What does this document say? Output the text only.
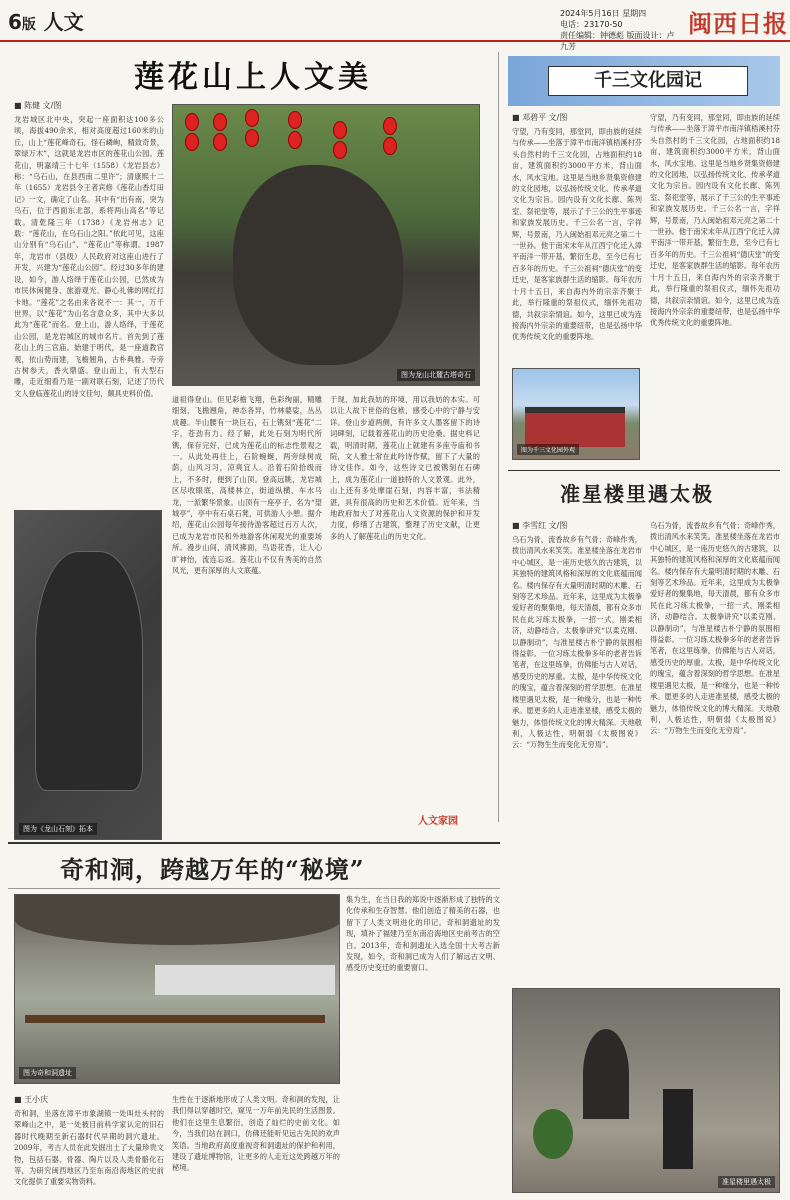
6版 人文	2024年5月16日 星期四
电话：23170-50
责任编辑：钟德彪 版面设计：卢九芳
闽西日报
莲花山上人文美
■ 陈健 文/图
龙岩城区北中央，突起一座面积达100多公顷，海拔490余米，相对高度超过160米的山丘，山上“莲花峰奇石，怪石嶙峋，精致奇景，翠绿万木”，这就是龙岩市区的莲花山公园。莲花山，明嘉靖三十七年（1558）《龙岩县志》称：“乌石山，在县西南二里许”；清康熙十二年（1655）龙岩县令王者宾修《莲花山香灯田记》一文，确定了山名。其中有“出有南，突为乌石，位于西面东北部，系将两山高名”等记载。清乾隆三年（1738）《龙岩州志》记载：“莲花山，在乌石山之阳。”依此可见，这座山分别有“乌石山”、“莲花山”等称谓。1987年，龙岩市（县级）人民政府对这座山进行了开发，兴建为“莲花山公园”。经过30多年的建设，如今，游人络绎于莲花山公园，已然成为市民休闲健身、旅游观光、静心礼佛的网红打卡地。“莲花”之名由来各说不一：其一，万千世界，以“莲花”为山名含意众多，其中大多以此为“莲花”而名。登上山，游人络绎，于莲花山公园，是龙岩城区的城市名片。首先到了莲花山上的三官庙。始建于明代，是一座道教宫观，依山势而建，飞檐翘角，古朴典雅。寺旁古树参天，香火鼎盛。登山而上，有大型石雕，走近细看乃是一副对联石刻，记述了历代文人登临莲花山的诗文佳句，颇具史料价值。
图为龙山北麓古塔奇石
道祖得登山。但见彩檐飞翔，色彩绚丽，精雕细刻，飞檐翘角，神态各异，竹林婆娑，丛丛成趣。半山腰有一块巨石，石上镌刻“莲花”二字，苍劲有力。经了解，此处石刻为明代所镌，保存完好，已成为莲花山的标志性景观之一。从此处再往上，石阶蜿蜒，两旁绿树成荫，山风习习，凉爽宜人。沿着石阶拾级而上，不多时，便到了山顶。登高远眺，龙岩城区尽收眼底，高楼林立，街道纵横，车水马龙，一派繁华景象。山顶有一座亭子，名为“望城亭”，亭中有石桌石凳，可供游人小憩。据介绍，莲花山公园每年接待游客超过百万人次，已成为龙岩市民和外地游客休闲观光的重要场所。漫步山间，清风拂面，鸟语花香，让人心旷神怡，流连忘返。莲花山不仅有秀美的自然风光，更有深厚的人文底蕴。
于现，加此我妨的环境，用以我妨的本实。可以让人故下世俗的包袱，感受心中的宁静与安详。登山步道两侧，有许多文人墨客留下的诗词碑刻，记载着莲花山的历史沧桑。据史料记载，明清时期，莲花山上就建有多座寺庙和书院，文人雅士常在此吟诗作赋，留下了大量的诗文佳作。如今，这些诗文已被镌刻在石碑上，成为莲花山一道独特的人文景观。此外，山上还有多处摩崖石刻，内容丰富，书法精湛，具有很高的历史和艺术价值。近年来，当地政府加大了对莲花山人文资源的保护和开发力度，修缮了古建筑，整理了历史文献，让更多的人了解莲花山的历史文化。
图为《龙山石刻》拓本
人文家园
千三文化园记
■ 邓碧平 文/图
守望，乃有变同，那堂同，即由族的延续与传承——坐落于漳平市南洋镇梧溪村芬头自然村的千三文化园，占地面积约18亩，建筑面积约3000平方米，背山面水，风水宝地。这里是当地乡贤集资修建的文化园地，以弘扬传统文化、传承孝道文化为宗旨。园内设有文化长廊、陈列室、祭祀堂等，展示了千三公的生平事迹和家族发展历史。千三公名一言，字祥辉，号景南，乃入闽始祖邓元亮之第二十一世孙。他于南宋末年从江西宁化迁入漳平南洋一带开基，繁衍生息，至今已有七百多年的历史。千三公祖祠“德庆堂”的变迁史，是客家族群生活的缩影。每年农历十月十五日，来自海内外的宗亲齐聚于此，举行隆重的祭祖仪式，缅怀先祖功德，共叙宗亲情谊。如今，这里已成为连接海内外宗亲的重要纽带，也是弘扬中华优秀传统文化的重要阵地。
守望，乃有变同，那堂同，即由族的延续与传承——坐落于漳平市南洋镇梧溪村芬头自然村的千三文化园，占地面积约18亩，建筑面积约3000平方米，背山面水，风水宝地。这里是当地乡贤集资修建的文化园地，以弘扬传统文化、传承孝道文化为宗旨。园内设有文化长廊、陈列室、祭祀堂等，展示了千三公的生平事迹和家族发展历史。千三公名一言，字祥辉，号景南，乃入闽始祖邓元亮之第二十一世孙。他于南宋末年从江西宁化迁入漳平南洋一带开基，繁衍生息，至今已有七百多年的历史。千三公祖祠“德庆堂”的变迁史，是客家族群生活的缩影。每年农历十月十五日，来自海内外的宗亲齐聚于此，举行隆重的祭祖仪式，缅怀先祖功德，共叙宗亲情谊。如今，这里已成为连接海内外宗亲的重要纽带，也是弘扬中华优秀传统文化的重要阵地。
图为千三文化园外观
准星楼里遇太极
■ 李雪红 文/图
乌石为骨，流香故乡有气骨；奇峰作秀，拨出清风水来笑笑。准星楼坐落在龙岩市中心城区，是一座历史悠久的古建筑，以其独特的建筑风格和深厚的文化底蕴而闻名。楼内保存有大量明清时期的木雕、石刻等艺术珍品。近年来，这里成为太极拳爱好者的聚集地，每天清晨，都有众多市民在此习练太极拳，一招一式，刚柔相济，动静结合。太极拳讲究“以柔克刚、以静制动”，与准星楼古朴宁静的氛围相得益彰。一位习练太极拳多年的老者告诉笔者，在这里练拳，仿佛能与古人对话，感受历史的厚重。太极，是中华传统文化的瑰宝，蕴含着深刻的哲学思想。在准星楼里遇见太极，是一种缘分，也是一种传承。愿更多的人走进准星楼，感受太极的魅力，体悟传统文化的博大精深。天地敬利，人极达性，明朝弱《太极图说》云：“万物生生而变化无穷焉”。
乌石为骨，流香故乡有气骨；奇峰作秀，拨出清风水来笑笑。准星楼坐落在龙岩市中心城区，是一座历史悠久的古建筑，以其独特的建筑风格和深厚的文化底蕴而闻名。楼内保存有大量明清时期的木雕、石刻等艺术珍品。近年来，这里成为太极拳爱好者的聚集地，每天清晨，都有众多市民在此习练太极拳，一招一式，刚柔相济，动静结合。太极拳讲究“以柔克刚、以静制动”，与准星楼古朴宁静的氛围相得益彰。一位习练太极拳多年的老者告诉笔者，在这里练拳，仿佛能与古人对话，感受历史的厚重。太极，是中华传统文化的瑰宝，蕴含着深刻的哲学思想。在准星楼里遇见太极，是一种缘分，也是一种传承。愿更多的人走进准星楼，感受太极的魅力，体悟传统文化的博大精深。天地敬利，人极达性，明朝弱《太极图说》云：“万物生生而变化无穷焉”。
准星楼里遇太极
奇和洞，跨越万年的“秘境”
图为奇和洞遗址
集为生，在当日我的郑说中逐渐形成了独特的文化传承和生存智慧。他们创造了精美的石器，也留下了人类文明进化的印记。奇和洞遗址的发现，填补了福建乃至东南沿海地区史前考古的空白。2013年，奇和洞遗址入选全国十大考古新发现。如今，奇和洞已成为人们了解远古文明、感受历史变迁的重要窗口。
■ 王小庆
奇和洞，坐落在漳平市象湖镇一处叫灶头村的翠峰山之中，是一处被目前科学家认定的旧石器时代晚期至新石器时代早期的洞穴遗址。2009年，考古人员在此发掘出土了大量珍贵文物，包括石器、骨器、陶片以及人类骨骼化石等，为研究闽西地区乃至东南沿海地区的史前文化提供了重要实物资料。
生性在于逐渐地形成了人类文明。奇和洞的发现，让我们得以穿越时空，窥见一万年前先民的生活图景。他们在这里生息繁衍，创造了灿烂的史前文化。如今，当我们站在洞口，仿佛还能听见远古先民的欢声笑语。当地政府高度重视奇和洞遗址的保护和利用，建设了遗址博物馆，让更多的人走近这处跨越万年的秘境。
